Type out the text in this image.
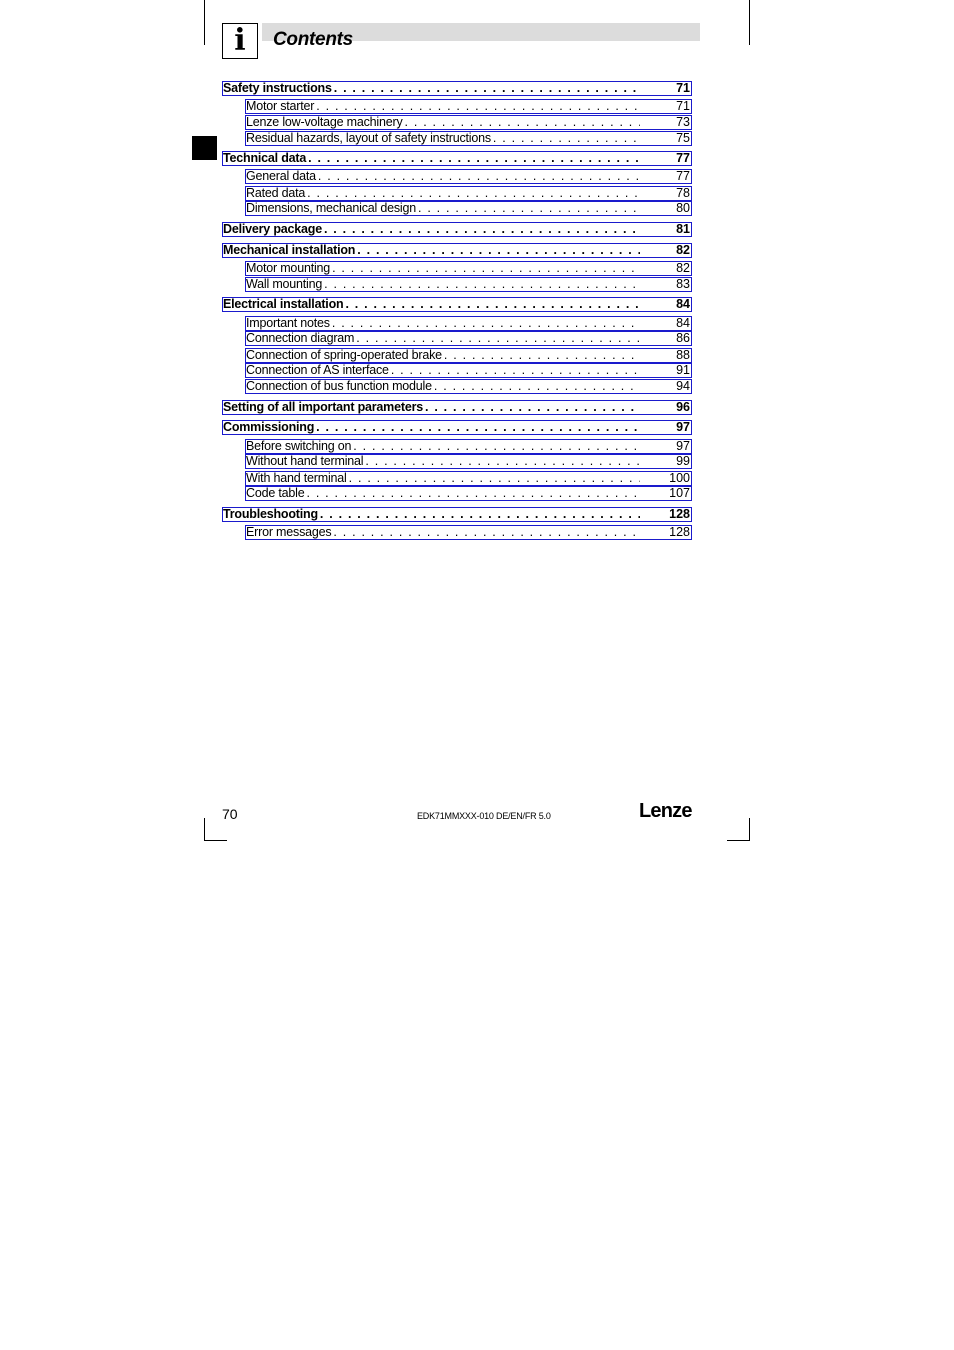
i	Contents
Safety instructions . . .	71
Motor starter . . .	71
Lenze low-voltage machinery . . .	73
Residual hazards, layout of safety instructions . . .	75
Technical data . . .	77
General data . . .	77
Rated data . . .	78
Dimensions, mechanical design . . .	80
Delivery package . . .	81
Mechanical installation . . .	82
Motor mounting . . .	82
Wall mounting . . .	83
Electrical installation . . .	84
Important notes . . .	84
Connection diagram . . .	86
Connection of spring-operated brake . . .	88
Connection of AS interface . . .	91
Connection of bus function module . . .	94
Setting of all important parameters . . .	96
Commissioning . . .	97
Before switching on . . .	97
Without hand terminal . . .	99
With hand terminal . . .	100
Code table . . .	107
Troubleshooting . . .	128
Error messages . . .	128
70	EDK71MMXXX-010 DE/EN/FR 5.0	Lenze
